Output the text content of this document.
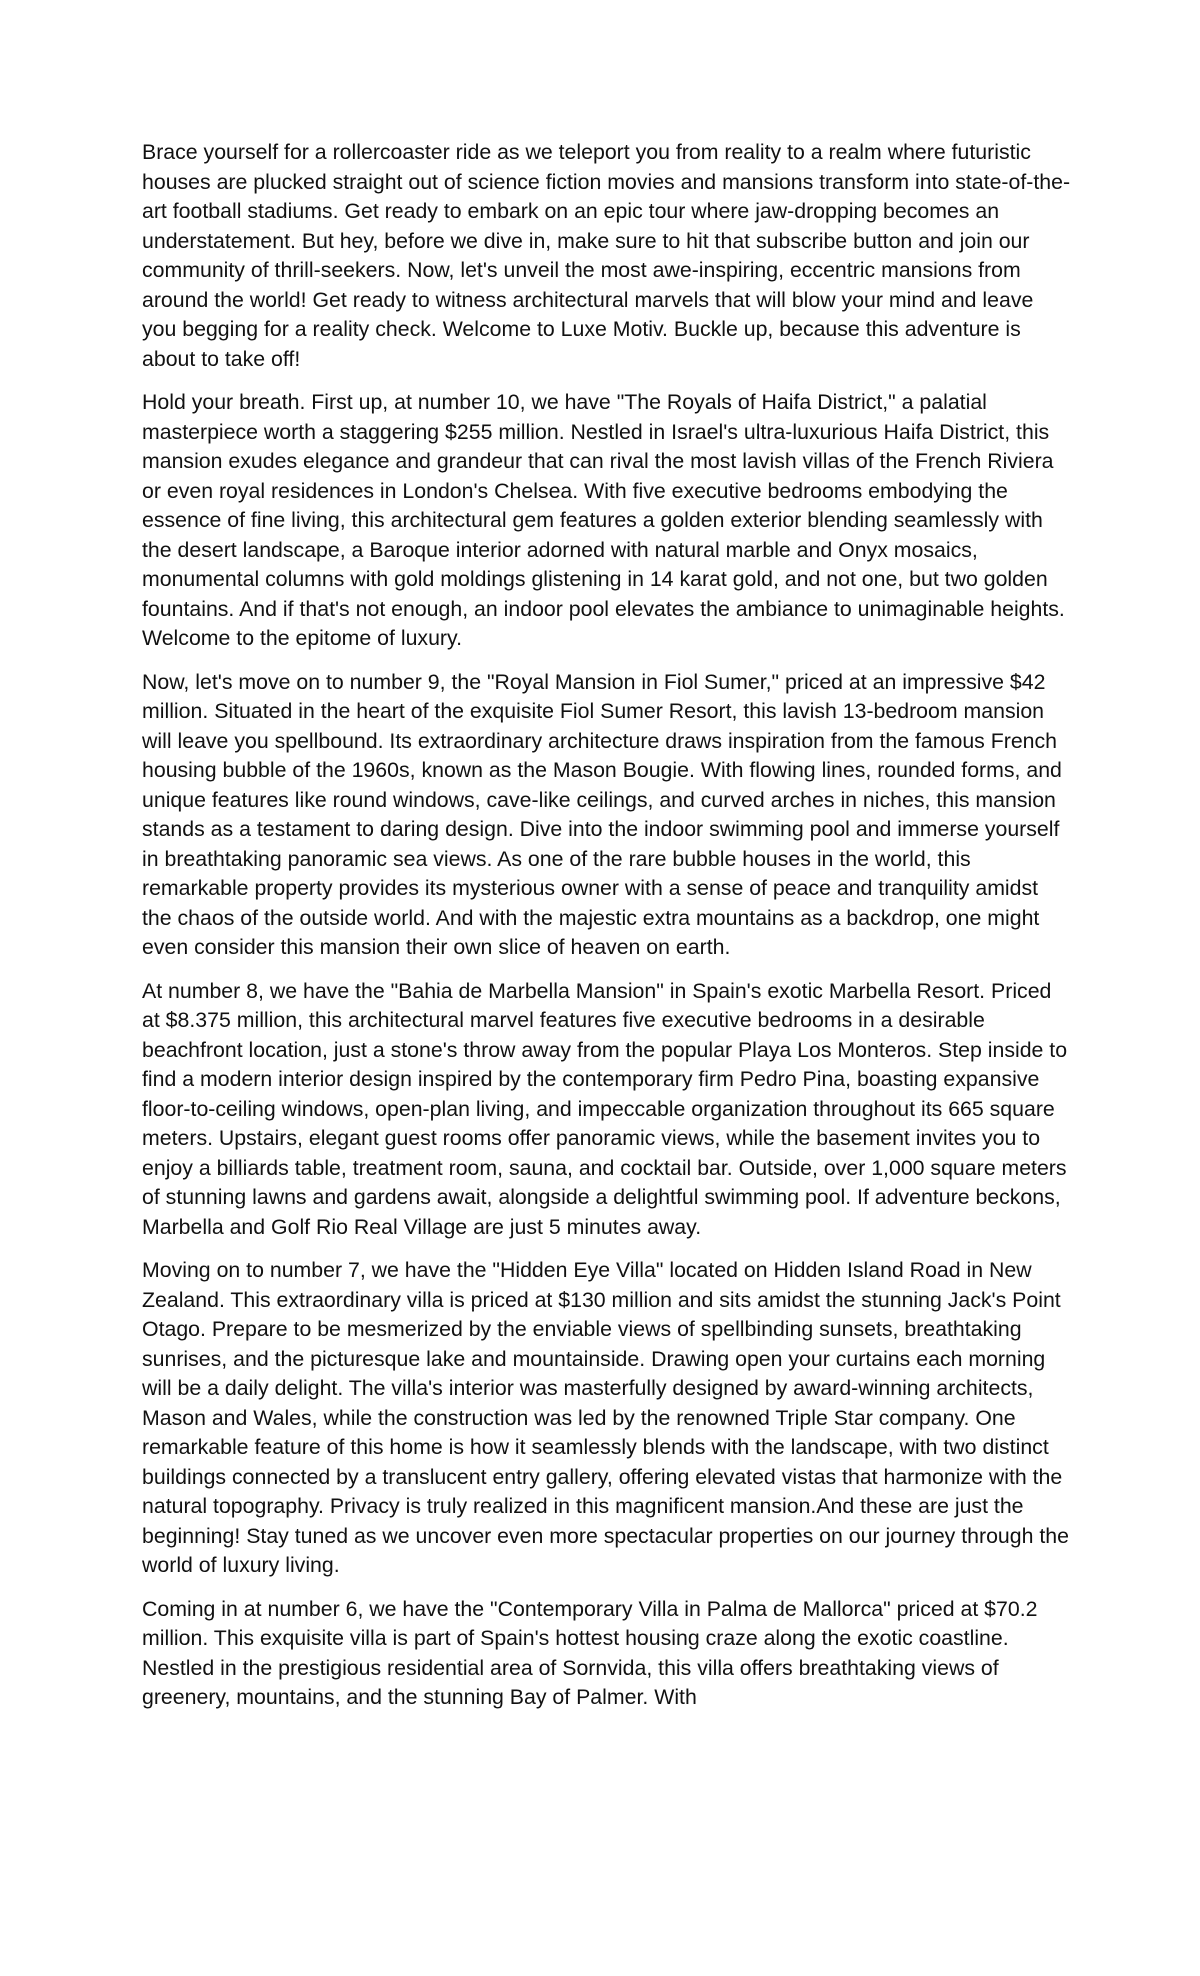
Brace yourself for a rollercoaster ride as we teleport you from reality to a realm where futuristic houses are plucked straight out of science fiction movies and mansions transform into state-of-the-art football stadiums. Get ready to embark on an epic tour where jaw-dropping becomes an understatement. But hey, before we dive in, make sure to hit that subscribe button and join our community of thrill-seekers. Now, let's unveil the most awe-inspiring, eccentric mansions from around the world! Get ready to witness architectural marvels that will blow your mind and leave you begging for a reality check. Welcome to Luxe Motiv. Buckle up, because this adventure is about to take off!

Hold your breath. First up, at number 10, we have "The Royals of Haifa District," a palatial masterpiece worth a staggering $255 million. Nestled in Israel's ultra-luxurious Haifa District, this mansion exudes elegance and grandeur that can rival the most lavish villas of the French Riviera or even royal residences in London's Chelsea. With five executive bedrooms embodying the essence of fine living, this architectural gem features a golden exterior blending seamlessly with the desert landscape, a Baroque interior adorned with natural marble and Onyx mosaics, monumental columns with gold moldings glistening in 14 karat gold, and not one, but two golden fountains. And if that's not enough, an indoor pool elevates the ambiance to unimaginable heights. Welcome to the epitome of luxury.

Now, let's move on to number 9, the "Royal Mansion in Fiol Sumer," priced at an impressive $42 million. Situated in the heart of the exquisite Fiol Sumer Resort, this lavish 13-bedroom mansion will leave you spellbound. Its extraordinary architecture draws inspiration from the famous French housing bubble of the 1960s, known as the Mason Bougie. With flowing lines, rounded forms, and unique features like round windows, cave-like ceilings, and curved arches in niches, this mansion stands as a testament to daring design. Dive into the indoor swimming pool and immerse yourself in breathtaking panoramic sea views. As one of the rare bubble houses in the world, this remarkable property provides its mysterious owner with a sense of peace and tranquility amidst the chaos of the outside world. And with the majestic extra mountains as a backdrop, one might even consider this mansion their own slice of heaven on earth.

At number 8, we have the "Bahia de Marbella Mansion" in Spain's exotic Marbella Resort. Priced at $8.375 million, this architectural marvel features five executive bedrooms in a desirable beachfront location, just a stone's throw away from the popular Playa Los Monteros. Step inside to find a modern interior design inspired by the contemporary firm Pedro Pina, boasting expansive floor-to-ceiling windows, open-plan living, and impeccable organization throughout its 665 square meters. Upstairs, elegant guest rooms offer panoramic views, while the basement invites you to enjoy a billiards table, treatment room, sauna, and cocktail bar. Outside, over 1,000 square meters of stunning lawns and gardens await, alongside a delightful swimming pool. If adventure beckons, Marbella and Golf Rio Real Village are just 5 minutes away.

Moving on to number 7, we have the "Hidden Eye Villa" located on Hidden Island Road in New Zealand. This extraordinary villa is priced at $130 million and sits amidst the stunning Jack's Point Otago. Prepare to be mesmerized by the enviable views of spellbinding sunsets, breathtaking sunrises, and the picturesque lake and mountainside. Drawing open your curtains each morning will be a daily delight. The villa's interior was masterfully designed by award-winning architects, Mason and Wales, while the construction was led by the renowned Triple Star company. One remarkable feature of this home is how it seamlessly blends with the landscape, with two distinct buildings connected by a translucent entry gallery, offering elevated vistas that harmonize with the natural topography. Privacy is truly realized in this magnificent mansion.And these are just the beginning! Stay tuned as we uncover even more spectacular properties on our journey through the world of luxury living.

Coming in at number 6, we have the "Contemporary Villa in Palma de Mallorca" priced at $70.2 million. This exquisite villa is part of Spain's hottest housing craze along the exotic coastline. Nestled in the prestigious residential area of Sornvida, this villa offers breathtaking views of greenery, mountains, and the stunning Bay of Palmer. With
